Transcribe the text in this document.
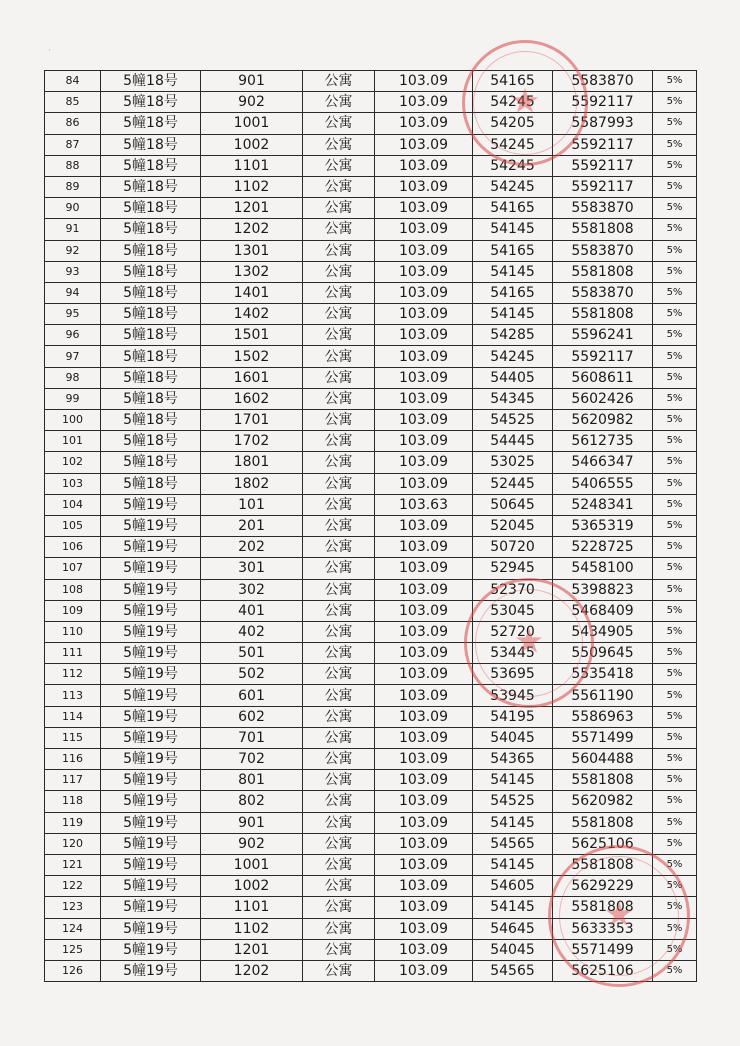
·
84	5幢18号	901	公寓	103.09	54165	5583870	5%
85	5幢18号	902	公寓	103.09	54245	5592117	5%
86	5幢18号	1001	公寓	103.09	54205	5587993	5%
87	5幢18号	1002	公寓	103.09	54245	5592117	5%
88	5幢18号	1101	公寓	103.09	54245	5592117	5%
89	5幢18号	1102	公寓	103.09	54245	5592117	5%
90	5幢18号	1201	公寓	103.09	54165	5583870	5%
91	5幢18号	1202	公寓	103.09	54145	5581808	5%
92	5幢18号	1301	公寓	103.09	54165	5583870	5%
93	5幢18号	1302	公寓	103.09	54145	5581808	5%
94	5幢18号	1401	公寓	103.09	54165	5583870	5%
95	5幢18号	1402	公寓	103.09	54145	5581808	5%
96	5幢18号	1501	公寓	103.09	54285	5596241	5%
97	5幢18号	1502	公寓	103.09	54245	5592117	5%
98	5幢18号	1601	公寓	103.09	54405	5608611	5%
99	5幢18号	1602	公寓	103.09	54345	5602426	5%
100	5幢18号	1701	公寓	103.09	54525	5620982	5%
101	5幢18号	1702	公寓	103.09	54445	5612735	5%
102	5幢18号	1801	公寓	103.09	53025	5466347	5%
103	5幢18号	1802	公寓	103.09	52445	5406555	5%
104	5幢19号	101	公寓	103.63	50645	5248341	5%
105	5幢19号	201	公寓	103.09	52045	5365319	5%
106	5幢19号	202	公寓	103.09	50720	5228725	5%
107	5幢19号	301	公寓	103.09	52945	5458100	5%
108	5幢19号	302	公寓	103.09	52370	5398823	5%
109	5幢19号	401	公寓	103.09	53045	5468409	5%
110	5幢19号	402	公寓	103.09	52720	5434905	5%
111	5幢19号	501	公寓	103.09	53445	5509645	5%
112	5幢19号	502	公寓	103.09	53695	5535418	5%
113	5幢19号	601	公寓	103.09	53945	5561190	5%
114	5幢19号	602	公寓	103.09	54195	5586963	5%
115	5幢19号	701	公寓	103.09	54045	5571499	5%
116	5幢19号	702	公寓	103.09	54365	5604488	5%
117	5幢19号	801	公寓	103.09	54145	5581808	5%
118	5幢19号	802	公寓	103.09	54525	5620982	5%
119	5幢19号	901	公寓	103.09	54145	5581808	5%
120	5幢19号	902	公寓	103.09	54565	5625106	5%
121	5幢19号	1001	公寓	103.09	54145	5581808	5%
122	5幢19号	1002	公寓	103.09	54605	5629229	5%
123	5幢19号	1101	公寓	103.09	54145	5581808	5%
124	5幢19号	1102	公寓	103.09	54645	5633353	5%
125	5幢19号	1201	公寓	103.09	54045	5571499	5%
126	5幢19号	1202	公寓	103.09	54565	5625106	5%
★
★
★
